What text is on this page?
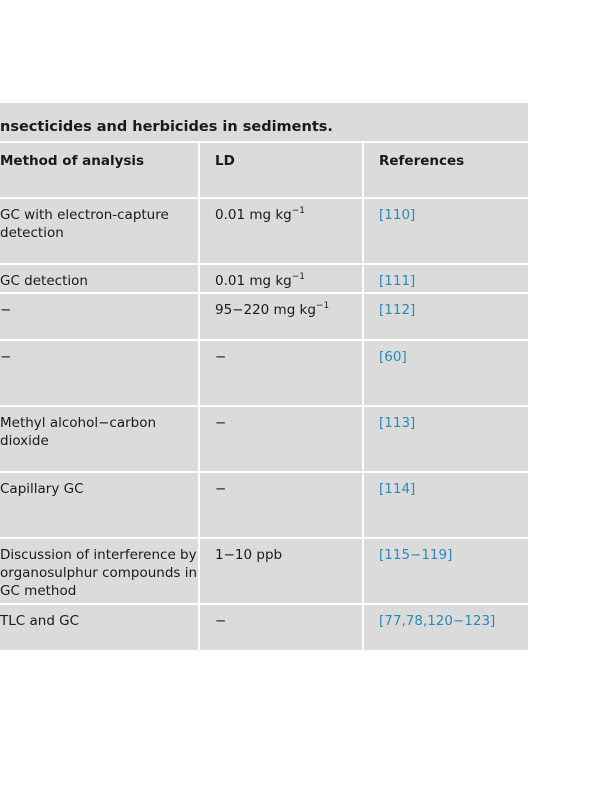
nsecticides and herbicides in sediments.
Method of analysis	LD	References
GC with electron-capture detection	0.01 mg $kg^{-1}$	[110]
GC detection	0.01 mg $kg^{-1}$	[111]
−	95−220 mg $kg^{-1}$	[112]
−	−	[60]
Methyl alcohol−carbon dioxide	−	[113]
Capillary GC	−	[114]
Discussion of interference by organosulphur compounds in GC method	1−10 ppb	[115−119]
TLC and GC	−	[77,78,120−123]
